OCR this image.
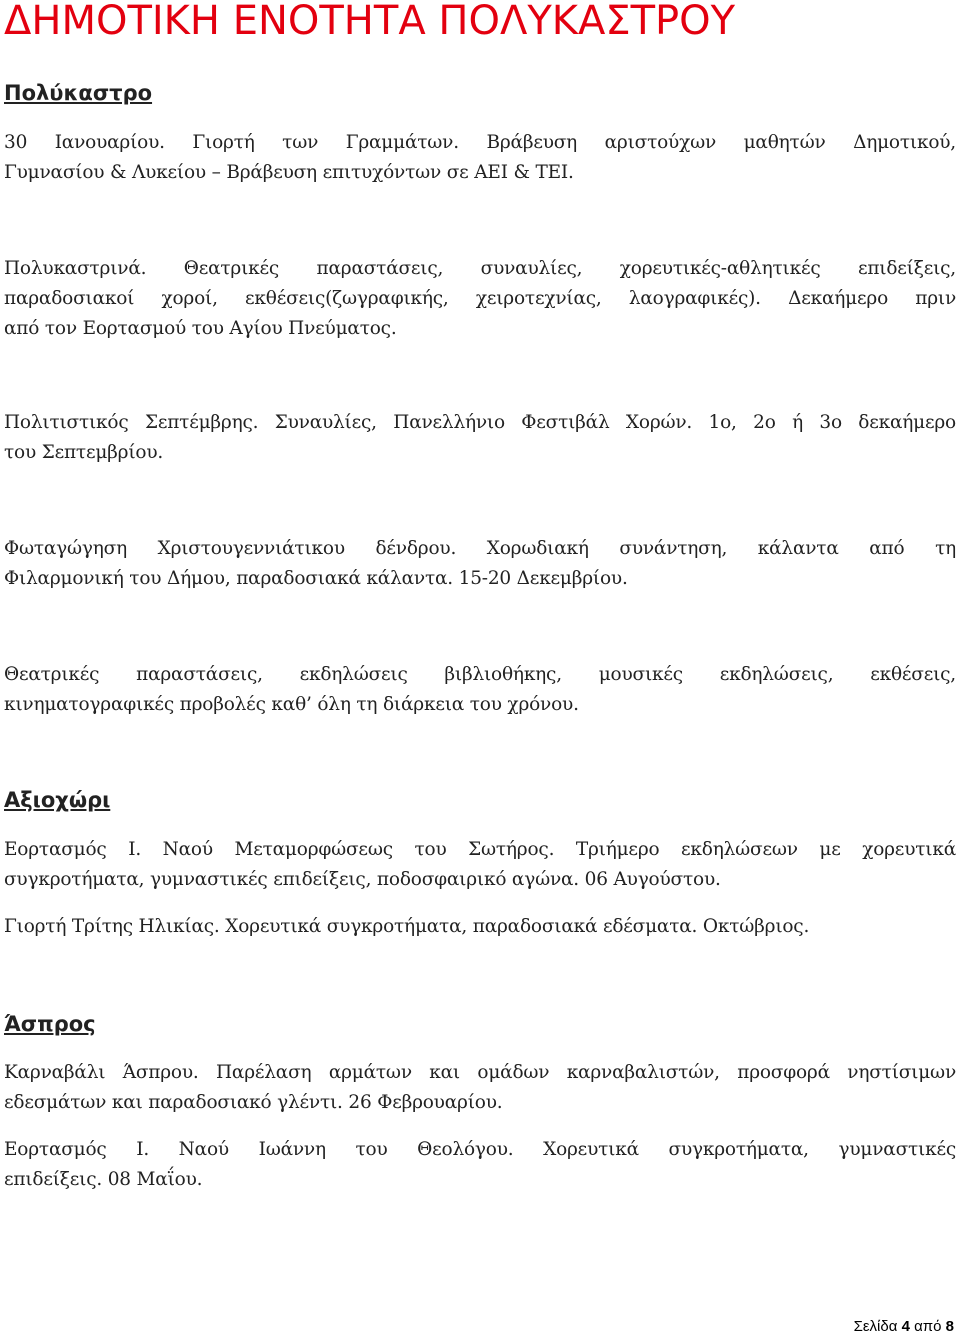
ΔΗΜΟΤΙΚΗ ΕΝΟΤΗΤΑ ΠΟΛΥΚΑΣΤΡΟΥ
Πολύκαστρο

30 Ιανουαρίου. Γιορτή των Γραμμάτων. Βράβευση αριστούχων μαθητών Δημοτικού,
Γυμνασίου & Λυκείου – Βράβευση επιτυχόντων σε ΑΕΙ & ΤΕΙ.

Πολυκαστρινά. Θεατρικές παραστάσεις, συναυλίες, χορευτικές-αθλητικές επιδείξεις,
παραδοσιακοί χοροί, εκθέσεις(ζωγραφικής, χειροτεχνίας, λαογραφικές). Δεκαήμερο πριν
από τον Εορτασμού του Αγίου Πνεύματος.

Πολιτιστικός Σεπτέμβρης. Συναυλίες, Πανελλήνιο Φεστιβάλ Χορών. 1ο, 2ο ή 3ο δεκαήμερο
του Σεπτεμβρίου.

Φωταγώγηση Χριστουγεννιάτικου δένδρου. Χορωδιακή συνάντηση, κάλαντα από τη
Φιλαρμονική του Δήμου, παραδοσιακά κάλαντα. 15-20 Δεκεμβρίου.

Θεατρικές παραστάσεις, εκδηλώσεις βιβλιοθήκης, μουσικές εκδηλώσεις, εκθέσεις,
κινηματογραφικές προβολές καθ’ όλη τη διάρκεια του χρόνου.

Αξιοχώρι

Εορτασμός Ι. Ναού Μεταμορφώσεως του Σωτήρος. Τριήμερο εκδηλώσεων με χορευτικά
συγκροτήματα, γυμναστικές επιδείξεις, ποδοσφαιρικό αγώνα. 06 Αυγούστου.

Γιορτή Τρίτης Ηλικίας. Χορευτικά συγκροτήματα, παραδοσιακά εδέσματα. Οκτώβριος.

Άσπρος

Καρναβάλι Άσπρου. Παρέλαση αρμάτων και ομάδων καρναβαλιστών, προσφορά νηστίσιμων
εδεσμάτων και παραδοσιακό γλέντι. 26 Φεβρουαρίου.

Εορτασμός Ι. Ναού Ιωάννη του Θεολόγου. Χορευτικά συγκροτήματα, γυμναστικές
επιδείξεις. 08 Μαΐου.

Σελίδα 4 από 8
